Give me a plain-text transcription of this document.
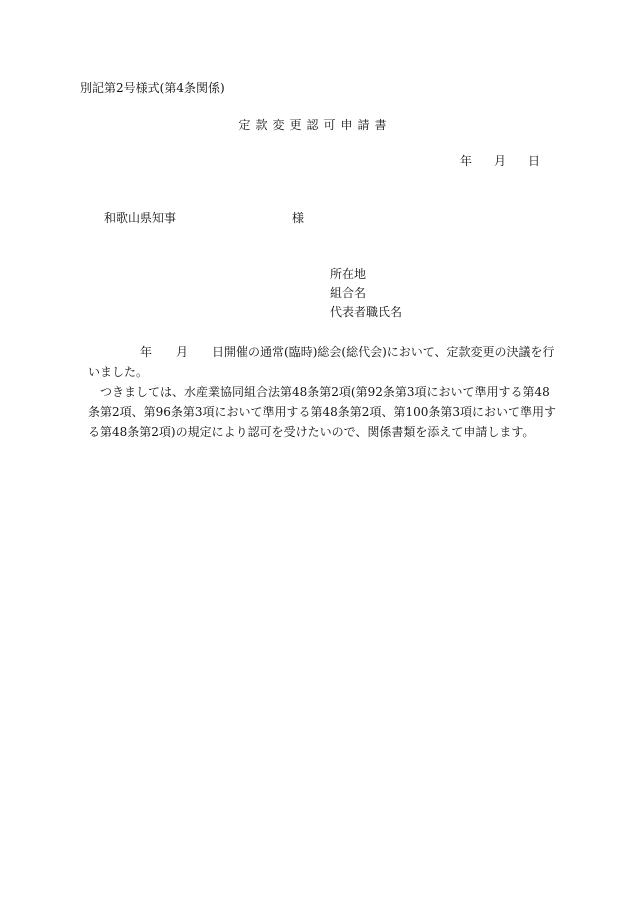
別記第2号様式(第4条関係)
定款変更認可申請書
年 月 日
和歌山県知事	様
所在地
組合名
代表者職氏名

年 月 日開催の通常(臨時)総会(総代会)において、定款変更の決議を行いました。

つきましては、水産業協同組合法第48条第2項(第92条第3項において準用する第48条第2項、第96条第3項において準用する第48条第2項、第100条第3項において準用する第48条第2項)の規定により認可を受けたいので、関係書類を添えて申請します。
